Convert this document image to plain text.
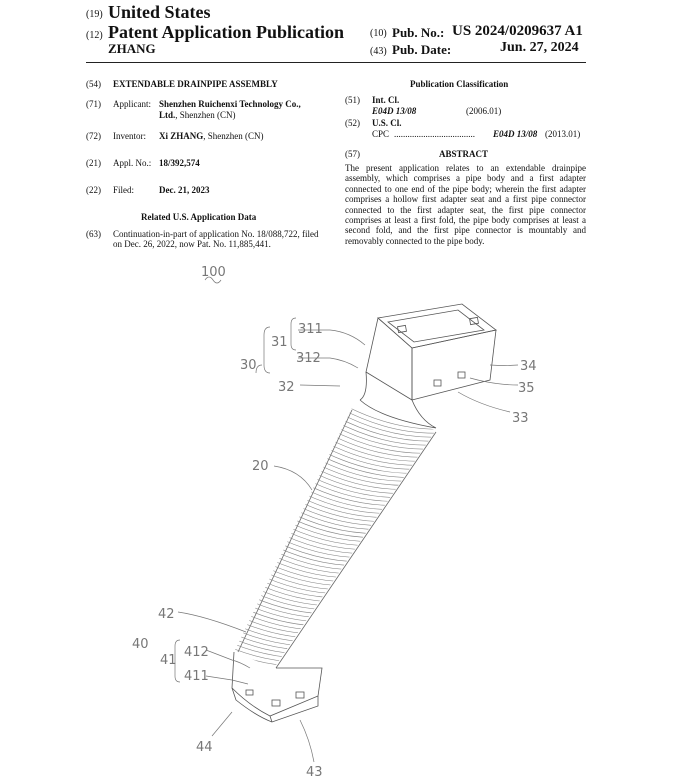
(19) United States
(12) Patent Application Publication
ZHANG
(10) Pub. No.: US 2024/0209637 A1
(43) Pub. Date:	Jun. 27, 2024
(54) EXTENDABLE DRAINPIPE ASSEMBLY
(71) Applicant: Shenzhen Ruichenxi Technology Co.,
Ltd., Shenzhen (CN)
(72) Inventor: Xi ZHANG, Shenzhen (CN)
(21) Appl. No.: 18/392,574
(22) Filed:	Dec. 21, 2023
Related U.S. Application Data
(63) Continuation-in-part of application No. 18/088,722, filed on Dec. 26, 2022, now Pat. No. 11,885,441.
Publication Classification
(51) Int. Cl.
E04D 13/08	(2006.01)
(52) U.S. Cl.
CPC .................................... E04D 13/08 (2013.01)
(57)	ABSTRACT
The present application relates to an extendable drainpipe assembly, which comprises a pipe body and a first adapter connected to one end of the pipe body; wherein the first adapter comprises a hollow first adapter seat and a first pipe connector connected to the first adapter seat, the first pipe connector comprises at least a first fold, the pipe body comprises at least a second fold, and the first pipe connector is mountably and removably connected to the pipe body.
100
311
31
312
30
32
34
35
33
20
42
40
41
412
411
44
43
